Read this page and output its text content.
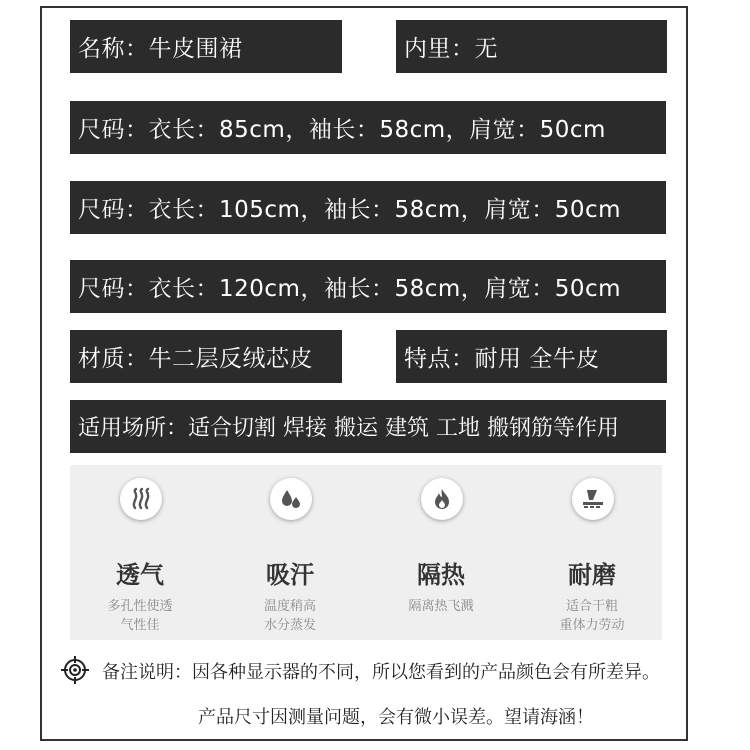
名称：牛皮围裙	内里：无
尺码：衣长：85cm，袖长：58cm，肩宽：50cm
尺码：衣长：105cm，袖长：58cm，肩宽：50cm
尺码：衣长：120cm，袖长：58cm，肩宽：50cm
材质：牛二层反绒芯皮	特点：耐用 全牛皮
适用场所：适合切割 焊接 搬运 建筑 工地 搬钢筋等作用
透气
多孔性使透
气性佳
吸汗
温度稍高
水分蒸发
隔热
隔离热飞溅
耐磨
适合干粗
重体力劳动
备注说明：因各种显示器的不同，所以您看到的产品颜色会有所差异。
产品尺寸因测量问题，会有微小误差。望请海涵！
